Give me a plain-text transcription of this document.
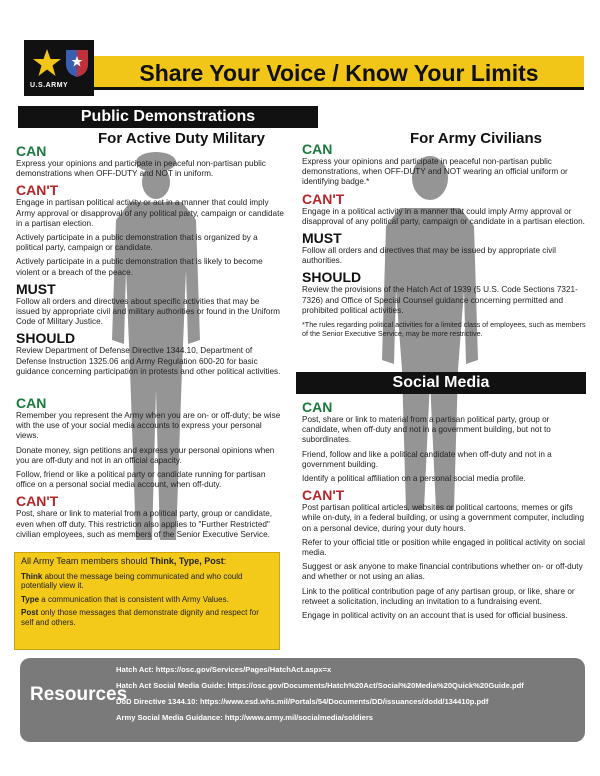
U.S.ARMY	Share Your Voice / Know Your Limits
Public Demonstrations
For Active Duty Military	For Army Civilians
CAN

Express your opinions and participate in peaceful non-partisan public demonstrations when OFF-DUTY and NOT in uniform.

CAN'T

Engage in partisan political activity or act in a manner that could imply Army approval or disapproval of any political party, campaign or candidate in a partisan election.

Actively participate in a public demonstration that is organized by a political party, campaign or candidate.

Actively participate in a public demonstration that is likely to become violent or a breach of the peace.

MUST

Follow all orders and directives about specific activities that may be issued by appropriate civil and military authorities or found in the Uniform Code of Military Justice.

SHOULD

Review Department of Defense Directive 1344.10, Department of Defense Instruction 1325.06 and Army Regulation 600-20 for basic guidance concerning participation in protests and other political activities.

CAN

Express your opinions and participate in peaceful non-partisan public demonstrations, when OFF-DUTY and NOT wearing an official uniform or identifying badge.*

CAN'T

Engage in a political activity in a manner that could imply Army approval or disapproval of any political party, campaign or candidate in a partisan election.

MUST

Follow all orders and directives that may be issued by appropriate civil authorities.

SHOULD

Review the provisions of the Hatch Act of 1939 (5 U.S. Code Sections 7321-7326) and Office of Special Counsel guidance concerning permitted and prohibited political activities.

*The rules regarding political activities for a limited class of employees, such as members of the Senior Executive Service, may be more restrictive.

Social Media
CAN

Remember you represent the Army when you are on- or off-duty; be wise with the use of your social media accounts to express your personal views.

Donate money, sign petitions and express your personal opinions when you are off-duty and not in an official capacity.

Follow, friend or like a political party or candidate running for partisan office on a personal social media account, when off-duty.

CAN'T

Post, share or link to material from a political party, group or candidate, even when off duty. This restriction also applies to "Further Restricted" civilian employees, such as members of the Senior Executive Service.

CAN

Post, share or link to material from a partisan political party, group or candidate, when off-duty and not in a government building, but not to subordinates.

Friend, follow and like a political candidate when off-duty and not in a government building.

Identify a political affiliation on a personal social media profile.

CAN'T

Post partisan political articles, websites or political cartoons, memes or gifs while on-duty, in a federal building, or using a government computer, including on a personal device, during your duty hours.

Refer to your official title or position while engaged in political activity on social media.

Suggest or ask anyone to make financial contributions whether on- or off-duty and whether or not using an alias.

Link to the political contribution page of any partisan group, or like, share or retweet a solicitation, including an invitation to a fundraising event.

Engage in political activity on an account that is used for official business.

All Army Team members should Think, Type, Post:

Think about the message being communicated and who could potentially view it.

Type a communication that is consistent with Army Values.

Post only those messages that demonstrate dignity and respect for self and others.

Resources
Hatch Act: https://osc.gov/Services/Pages/HatchAct.aspx=x
Hatch Act Social Media Guide: https://osc.gov/Documents/Hatch%20Act/Social%20Media%20Quick%20Guide.pdf
DoD Directive 1344.10: https://www.esd.whs.mil/Portals/54/Documents/DD/issuances/dodd/134410p.pdf
Army Social Media Guidance: http://www.army.mil/socialmedia/soldiers
